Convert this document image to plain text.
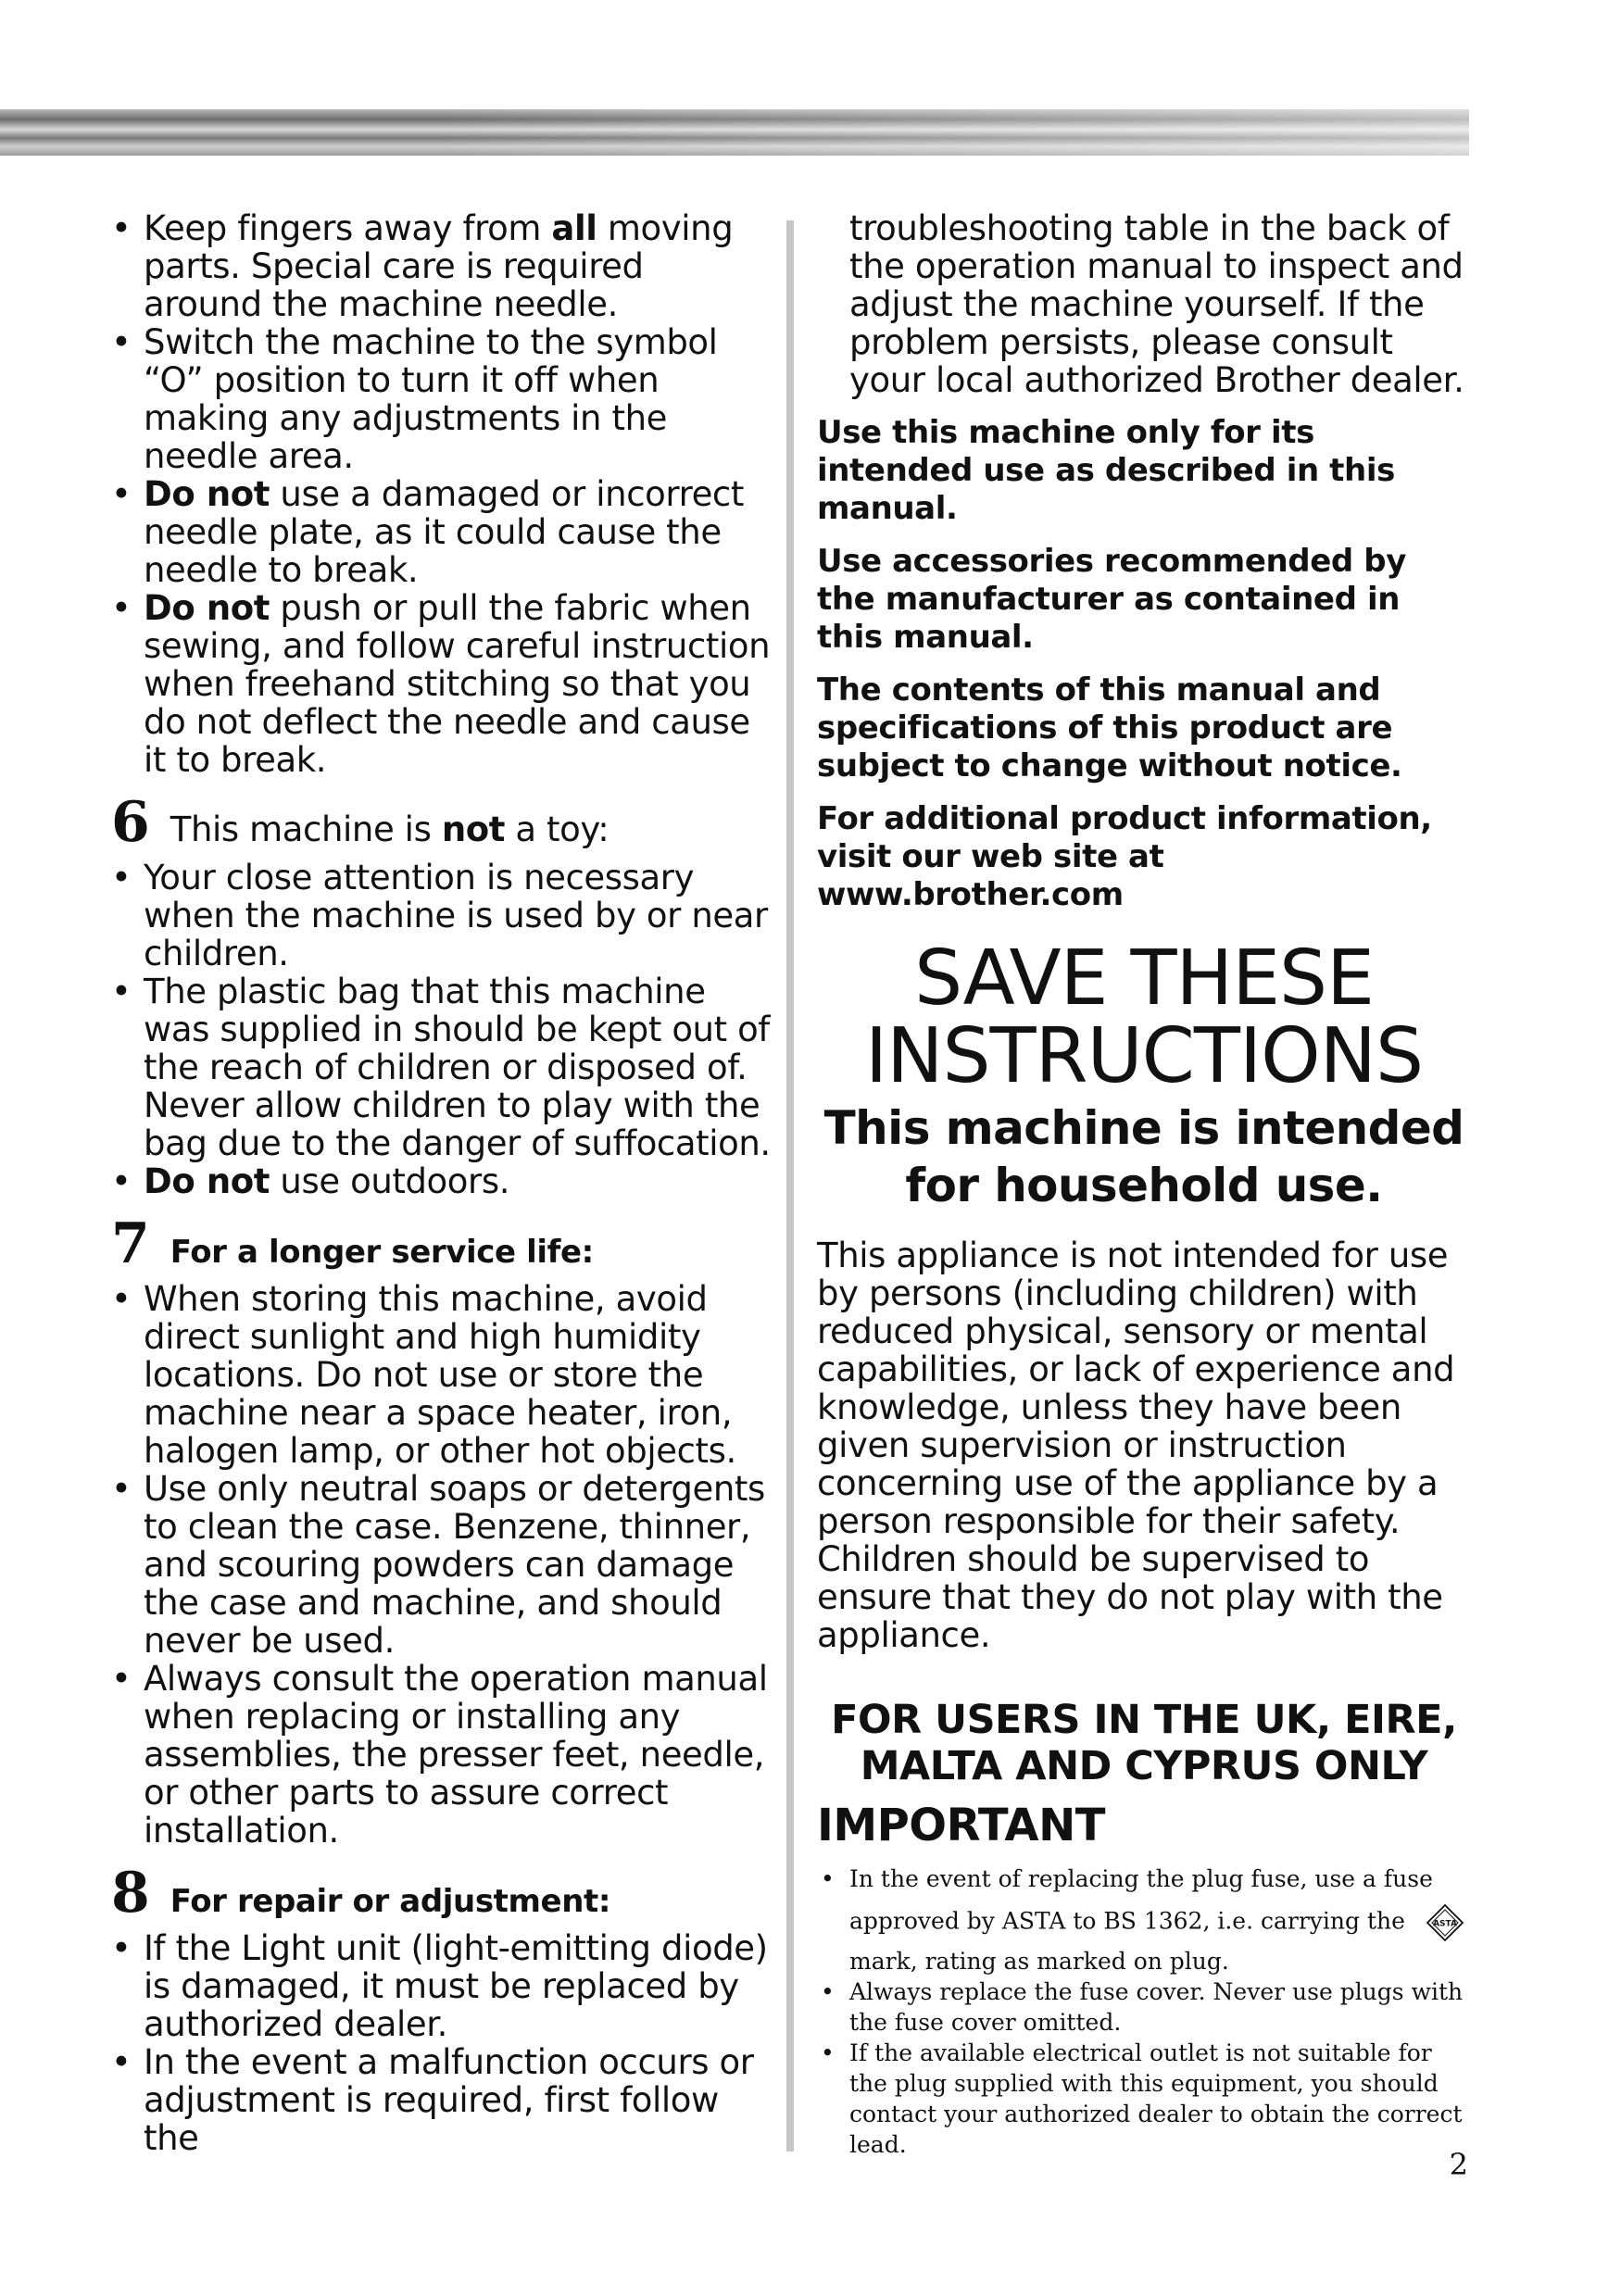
• Keep fingers away from all moving parts. Special care is required around the machine needle.
• Switch the machine to the symbol “O” position to turn it off when making any adjustments in the needle area.
• Do not use a damaged or incorrect needle plate, as it could cause the needle to break.
• Do not push or pull the fabric when sewing, and follow careful instruction when freehand stitching so that you do not deflect the needle and cause it to break.
6 This machine is not a toy:
• Your close attention is necessary when the machine is used by or near children.
• The plastic bag that this machine was supplied in should be kept out of the reach of children or disposed of. Never allow children to play with the bag due to the danger of suffocation.
• Do not use outdoors.
7 For a longer service life:
• When storing this machine, avoid direct sunlight and high humidity locations. Do not use or store the machine near a space heater, iron, halogen lamp, or other hot objects.
• Use only neutral soaps or detergents to clean the case. Benzene, thinner, and scouring powders can damage the case and machine, and should never be used.
• Always consult the operation manual when replacing or installing any assemblies, the presser feet, needle, or other parts to assure correct installation.
8 For repair or adjustment:
• If the Light unit (light-emitting diode) is damaged, it must be replaced by authorized dealer.
• In the event a malfunction occurs or adjustment is required, first follow the
troubleshooting table in the back of the operation manual to inspect and adjust the machine yourself. If the problem persists, please consult your local authorized Brother dealer.

Use this machine only for its intended use as described in this manual.

Use accessories recommended by the manufacturer as contained in this manual.

The contents of this manual and specifications of this product are subject to change without notice.

For additional product information, visit our web site at www.brother.com

SAVE THESE
INSTRUCTIONS
This machine is intended
for household use.

This appliance is not intended for use by persons (including children) with reduced physical, sensory or mental capabilities, or lack of experience and knowledge, unless they have been given supervision or instruction concerning use of the appliance by a person responsible for their safety.

Children should be supervised to ensure that they do not play with the appliance.

FOR USERS IN THE UK, EIRE,
MALTA AND CYPRUS ONLY
IMPORTANT
• In the event of replacing the plug fuse, use a fuse
approved by ASTA to BS 1362, i.e. carrying the	ASTA
mark, rating as marked on plug.
• Always replace the fuse cover. Never use plugs with the fuse cover omitted.
• If the available electrical outlet is not suitable for the plug supplied with this equipment, you should contact your authorized dealer to obtain the correct lead.
2
